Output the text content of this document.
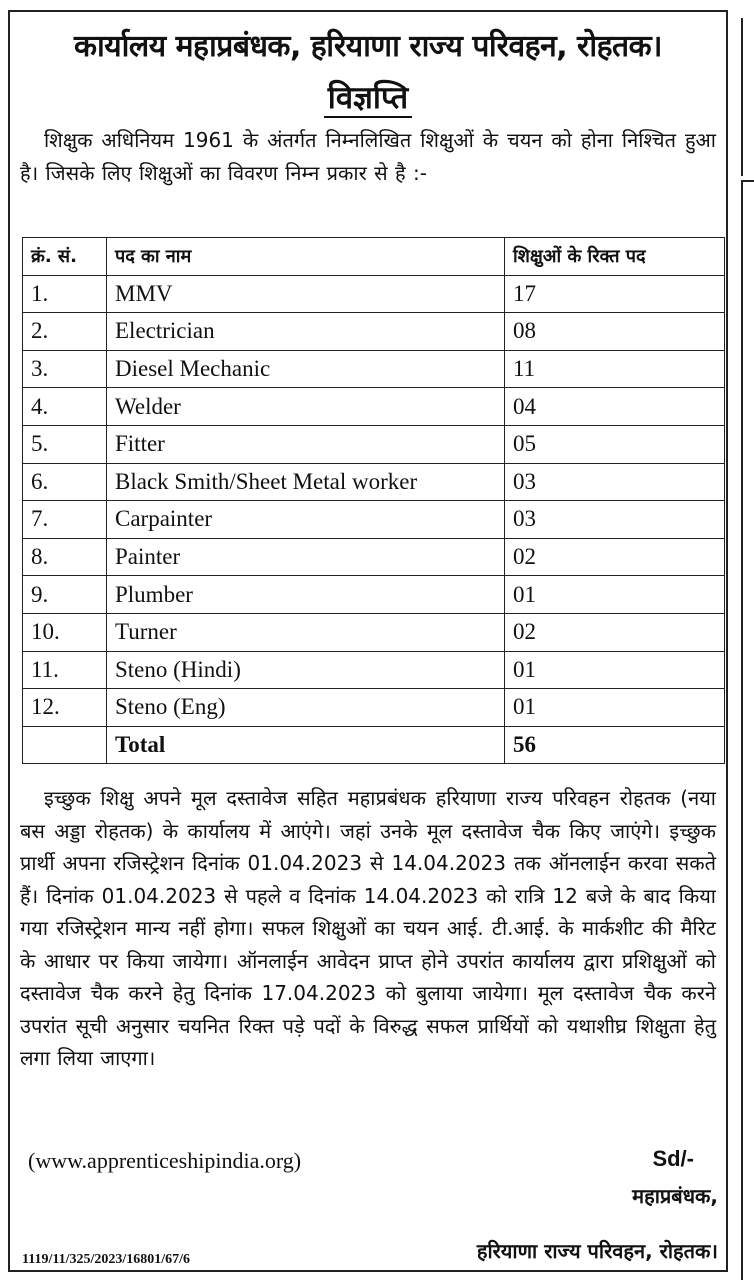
कार्यालय महाप्रबंधक, हरियाणा राज्य परिवहन, रोहतक।
विज्ञप्ति
शिक्षुक अधिनियम 1961 के अंतर्गत निम्नलिखित शिक्षुओं के चयन को होना निश्चित हुआ है। जिसके लिए शिक्षुओं का विवरण निम्न प्रकार से है :-
क्रं. सं.	पद का नाम	शिक्षुओं के रिक्त पद
1.	MMV	17
2.	Electrician	08
3.	Diesel Mechanic	11
4.	Welder	04
5.	Fitter	05
6.	Black Smith/Sheet Metal worker	03
7.	Carpainter	03
8.	Painter	02
9.	Plumber	01
10.	Turner	02
11.	Steno (Hindi)	01
12.	Steno (Eng)	01
	Total	56
इच्छुक शिक्षु अपने मूल दस्तावेज सहित महाप्रबंधक हरियाणा राज्य परिवहन रोहतक (नया बस अड्डा रोहतक) के कार्यालय में आएंगे। जहां उनके मूल दस्तावेज चैक किए जाएंगे। इच्छुक प्रार्थी अपना रजिस्ट्रेशन दिनांक 01.04.2023 से 14.04.2023 तक ऑनलाईन करवा सकते हैं। दिनांक 01.04.2023 से पहले व दिनांक 14.04.2023 को रात्रि 12 बजे के बाद किया गया रजिस्ट्रेशन मान्य नहीं होगा। सफल शिक्षुओं का चयन आई. टी.आई. के मार्कशीट की मैरिट के आधार पर किया जायेगा। ऑनलाईन आवेदन प्राप्त होने उपरांत कार्यालय द्वारा प्रशिक्षुओं को दस्तावेज चैक करने हेतु दिनांक 17.04.2023 को बुलाया जायेगा। मूल दस्तावेज चैक करने उपरांत सूची अनुसार चयनित रिक्त पड़े पदों के विरुद्ध सफल प्रार्थियों को यथाशीघ्र शिक्षुता हेतु लगा लिया जाएगा।
(www.apprenticeshipindia.org)	Sd/-
महाप्रबंधक,
हरियाणा राज्य परिवहन, रोहतक।
1119/11/325/2023/16801/67/6
